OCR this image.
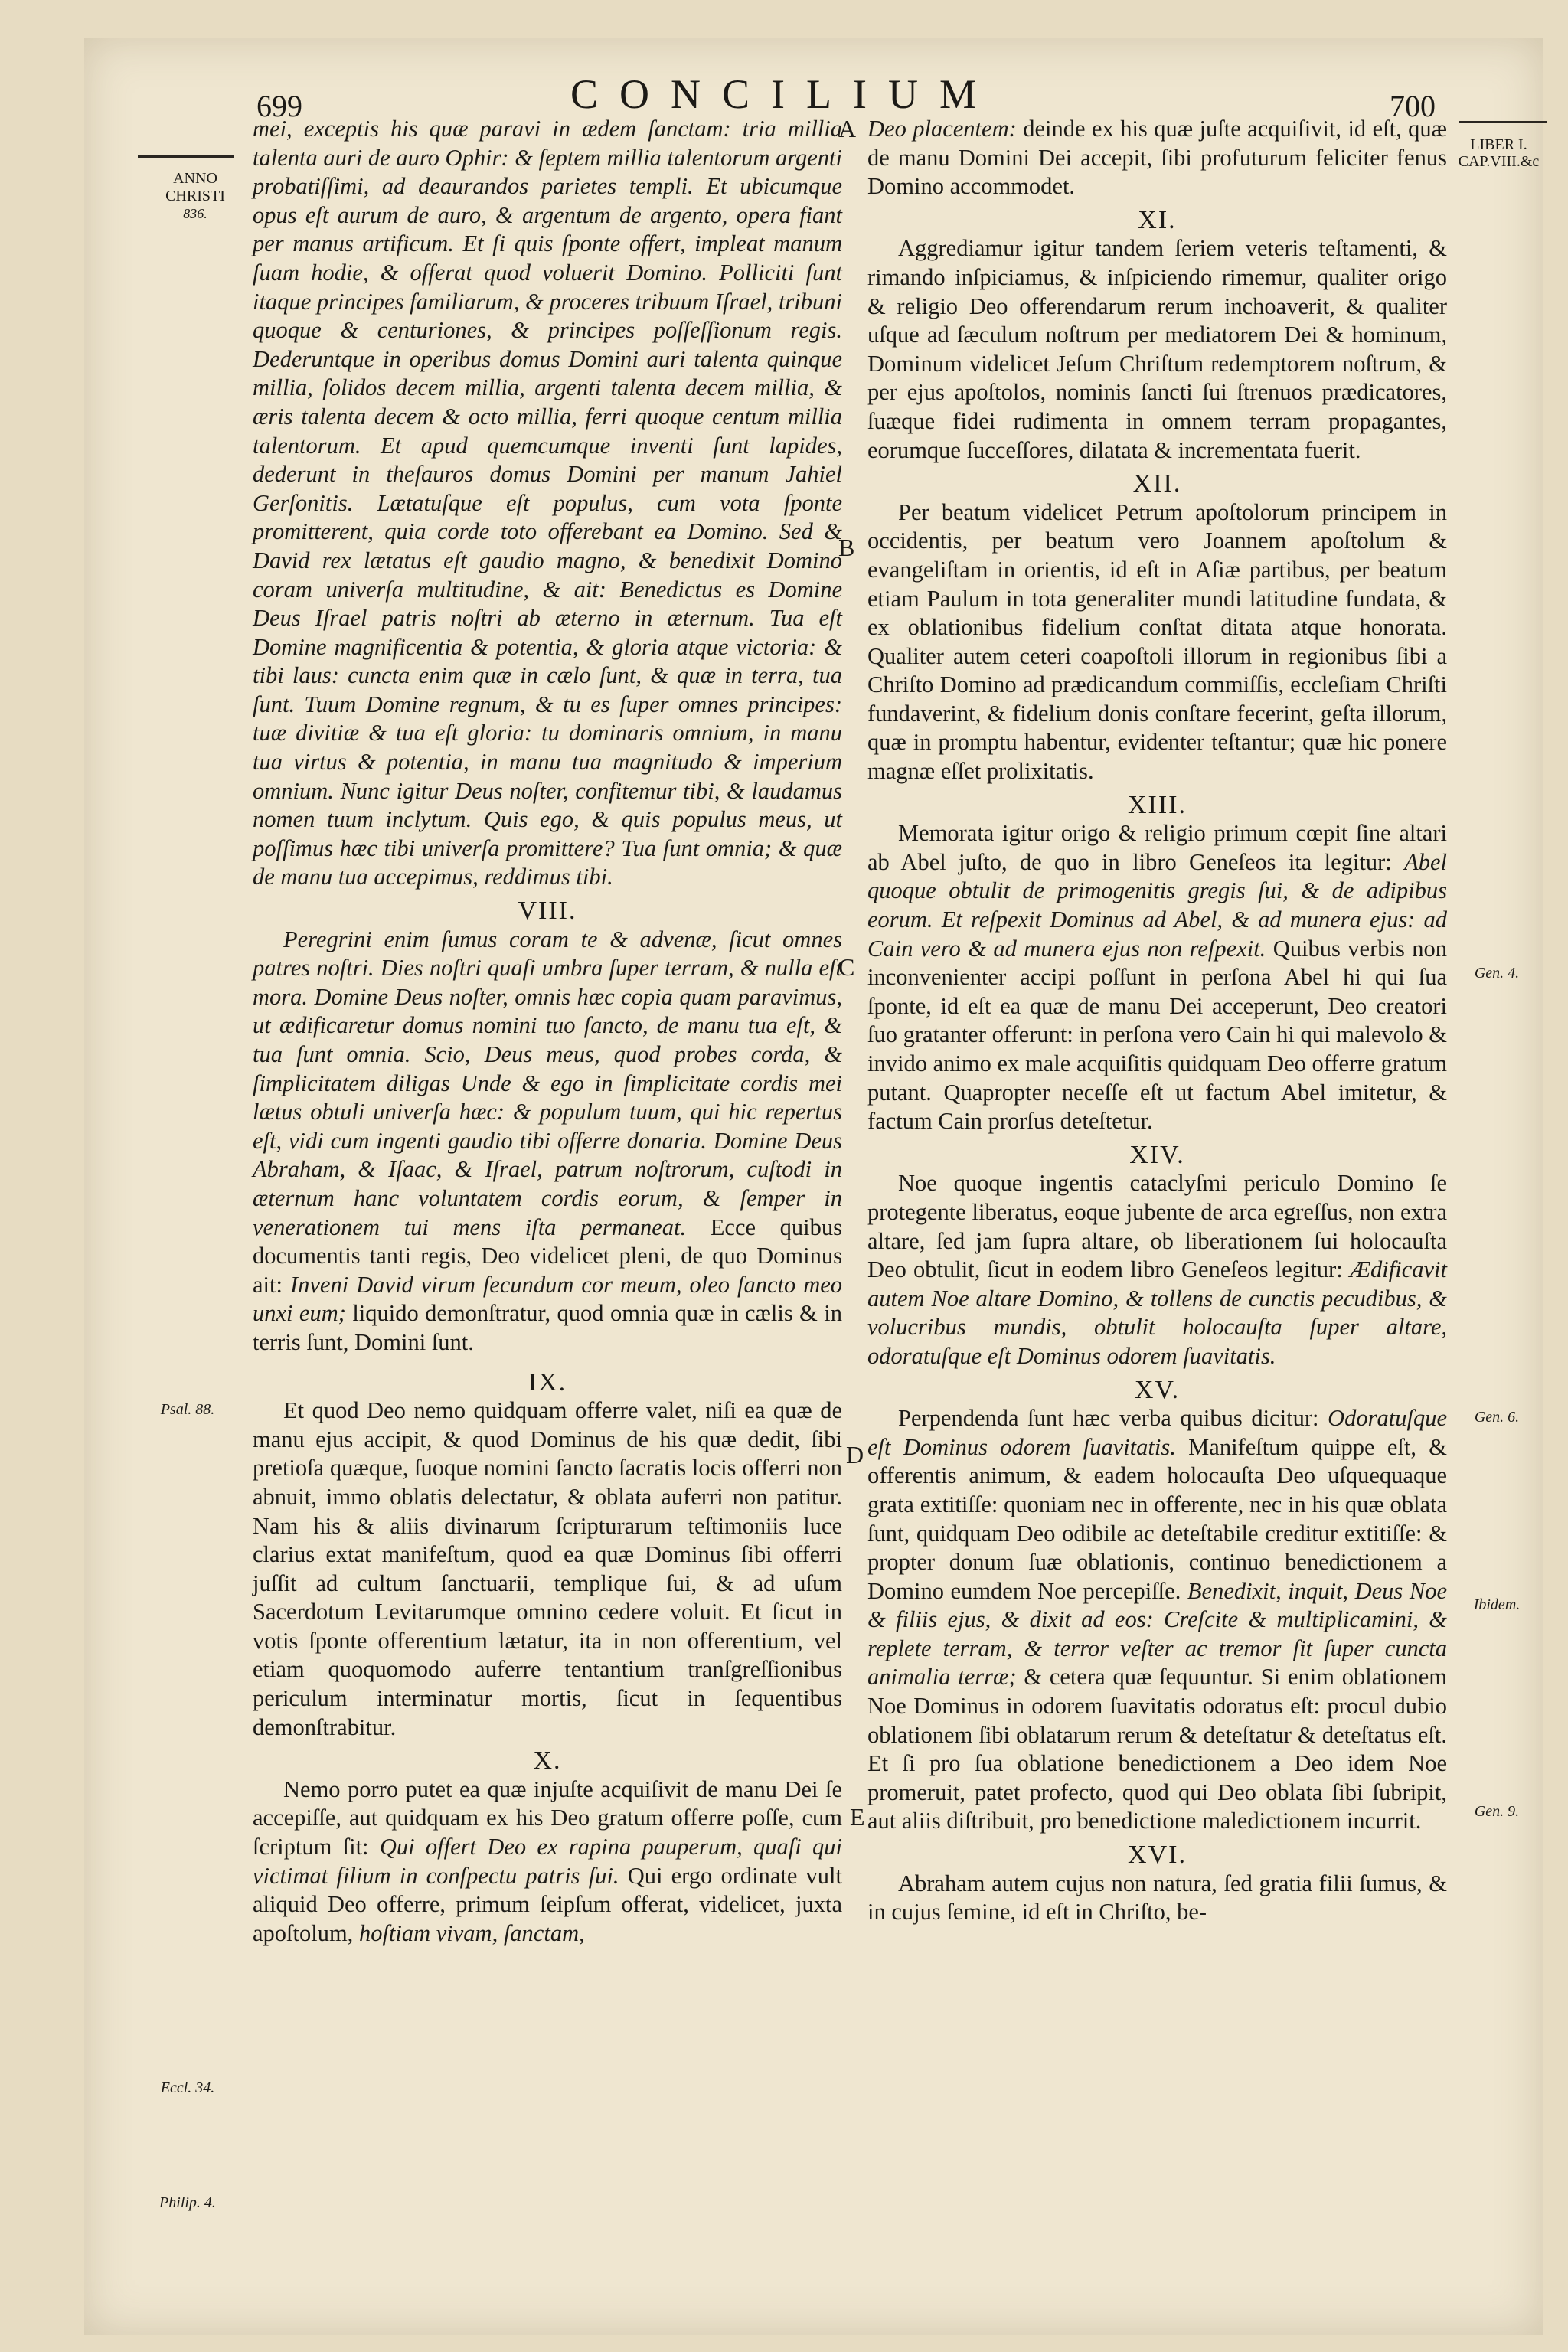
699	CONCILIUM	700
ANNO
CHRISTI
836.
Psal. 88.
Eccl. 34.
Philip. 4.
LIBER I.
CAP.VIII.&c
Gen. 4.
Gen. 6.
Ibidem.
Gen. 9.
A
B
C
D
E

mei, exceptis his quæ paravi in ædem ſanctam: tria millia talenta auri de auro Ophir: & ſeptem millia talentorum argenti probatiſſimi, ad deaurandos parietes templi. Et ubicumque opus eſt aurum de auro, & argentum de argento, opera fiant per manus artificum. Et ſi quis ſponte offert, impleat manum ſuam hodie, & offerat quod voluerit Domino. Polliciti ſunt itaque principes familiarum, & proceres tribuum Iſrael, tribuni quoque & centuriones, & principes poſſeſſionum regis. Dederuntque in operibus domus Domini auri talenta quinque millia, ſolidos decem millia, argenti talenta decem millia, & æris talenta decem & octo millia, ferri quoque centum millia talentorum. Et apud quemcumque inventi ſunt lapides, dederunt in theſauros domus Domini per manum Jahiel Gerſonitis. Lætatuſque eſt populus, cum vota ſponte promitterent, quia corde toto offerebant ea Domino. Sed & David rex lætatus eſt gaudio magno, & benedixit Domino coram univerſa multitudine, & ait: Benedictus es Domine Deus Iſrael patris noſtri ab æterno in æternum. Tua eſt Domine magnificentia & potentia, & gloria atque victoria: & tibi laus: cuncta enim quæ in cælo ſunt, & quæ in terra, tua ſunt. Tuum Domine regnum, & tu es ſuper omnes principes: tuæ divitiæ & tua eſt gloria: tu dominaris omnium, in manu tua virtus & potentia, in manu tua magnitudo & imperium omnium. Nunc igitur Deus noſter, confitemur tibi, & laudamus nomen tuum inclytum. Quis ego, & quis populus meus, ut poſſimus hæc tibi univerſa promittere? Tua ſunt omnia; & quæ de manu tua accepimus, reddimus tibi.

VIII.

Peregrini enim ſumus coram te & advenæ, ſicut omnes patres noſtri. Dies noſtri quaſi umbra ſuper terram, & nulla eſt mora. Domine Deus noſter, omnis hæc copia quam paravimus, ut ædificaretur domus nomini tuo ſancto, de manu tua eſt, & tua ſunt omnia. Scio, Deus meus, quod probes corda, & ſimplicitatem diligas Unde & ego in ſimplicitate cordis mei lætus obtuli univerſa hæc: & populum tuum, qui hic repertus eſt, vidi cum ingenti gaudio tibi offerre donaria. Domine Deus Abraham, & Iſaac, & Iſrael, patrum noſtrorum, cuſtodi in æternum hanc voluntatem cordis eorum, & ſemper in venerationem tui mens iſta permaneat. Ecce quibus documentis tanti regis, Deo videlicet pleni, de quo Dominus ait: Inveni David virum ſecundum cor meum, oleo ſancto meo unxi eum; liquido demonſtratur, quod omnia quæ in cælis & in terris ſunt, Domini ſunt.

IX.

Et quod Deo nemo quidquam offerre valet, niſi ea quæ de manu ejus accipit, & quod Dominus de his quæ dedit, ſibi pretioſa quæque, ſuoque nomini ſancto ſacratis locis offerri non abnuit, immo oblatis delectatur, & oblata auferri non patitur. Nam his & aliis divinarum ſcripturarum teſtimoniis luce clarius extat manifeſtum, quod ea quæ Dominus ſibi offerri juſſit ad cultum ſanctuarii, templique ſui, & ad uſum Sacerdotum Levitarumque omnino cedere voluit. Et ſicut in votis ſponte offerentium lætatur, ita in non offerentium, vel etiam quoquomodo auferre tentantium tranſgreſſionibus periculum interminatur mortis, ſicut in ſequentibus demonſtrabitur.

X.

Nemo porro putet ea quæ injuſte acquiſivit de manu Dei ſe accepiſſe, aut quidquam ex his Deo gratum offerre poſſe, cum ſcriptum ſit: Qui offert Deo ex rapina pauperum, quaſi qui victimat filium in conſpectu patris ſui. Qui ergo ordinate vult aliquid Deo offerre, primum ſeipſum offerat, videlicet, juxta apoſtolum, hoſtiam vivam, ſanctam,

Deo placentem: deinde ex his quæ juſte acquiſivit, id eſt, quæ de manu Domini Dei accepit, ſibi profuturum feliciter fenus Domino accommodet.

XI.

Aggrediamur igitur tandem ſeriem veteris teſtamenti, & rimando inſpiciamus, & inſpiciendo rimemur, qualiter origo & religio Deo offerendarum rerum inchoaverit, & qualiter uſque ad ſæculum noſtrum per mediatorem Dei & hominum, Dominum videlicet Jeſum Chriſtum redemptorem noſtrum, & per ejus apoſtolos, nominis ſancti ſui ſtrenuos prædicatores, ſuæque fidei rudimenta in omnem terram propagantes, eorumque ſucceſſores, dilatata & incrementata fuerit.

XII.

Per beatum videlicet Petrum apoſtolorum principem in occidentis, per beatum vero Joannem apoſtolum & evangeliſtam in orientis, id eſt in Aſiæ partibus, per beatum etiam Paulum in tota generaliter mundi latitudine fundata, & ex oblationibus fidelium conſtat ditata atque honorata. Qualiter autem ceteri coapoſtoli illorum in regionibus ſibi a Chriſto Domino ad prædicandum commiſſis, eccleſiam Chriſti fundaverint, & fidelium donis conſtare fecerint, geſta illorum, quæ in promptu habentur, evidenter teſtantur; quæ hic ponere magnæ eſſet prolixitatis.

XIII.

Memorata igitur origo & religio primum cœpit ſine altari ab Abel juſto, de quo in libro Geneſeos ita legitur: Abel quoque obtulit de primogenitis gregis ſui, & de adipibus eorum. Et reſpexit Dominus ad Abel, & ad munera ejus: ad Cain vero & ad munera ejus non reſpexit. Quibus verbis non inconvenienter accipi poſſunt in perſona Abel hi qui ſua ſponte, id eſt ea quæ de manu Dei acceperunt, Deo creatori ſuo gratanter offerunt: in perſona vero Cain hi qui malevolo & invido animo ex male acquiſitis quidquam Deo offerre gratum putant. Quapropter neceſſe eſt ut factum Abel imitetur, & factum Cain prorſus deteſtetur.

XIV.

Noe quoque ingentis cataclyſmi periculo Domino ſe protegente liberatus, eoque jubente de arca egreſſus, non extra altare, ſed jam ſupra altare, ob liberationem ſui holocauſta Deo obtulit, ſicut in eodem libro Geneſeos legitur: Ædificavit autem Noe altare Domino, & tollens de cunctis pecudibus, & volucribus mundis, obtulit holocauſta ſuper altare, odoratuſque eſt Dominus odorem ſuavitatis.

XV.

Perpendenda ſunt hæc verba quibus dicitur: Odoratuſque eſt Dominus odorem ſuavitatis. Manifeſtum quippe eſt, & offerentis animum, & eadem holocauſta Deo uſquequaque grata extitiſſe: quoniam nec in offerente, nec in his quæ oblata ſunt, quidquam Deo odibile ac deteſtabile creditur extitiſſe: & propter donum ſuæ oblationis, continuo benedictionem a Domino eumdem Noe percepiſſe. Benedixit, inquit, Deus Noe & filiis ejus, & dixit ad eos: Creſcite & multiplicamini, & replete terram, & terror veſter ac tremor ſit ſuper cuncta animalia terræ; & cetera quæ ſequuntur. Si enim oblationem Noe Dominus in odorem ſuavitatis odoratus eſt: procul dubio oblationem ſibi oblatarum rerum & deteſtatur & deteſtatus eſt. Et ſi pro ſua oblatione benedictionem a Deo idem Noe promeruit, patet profecto, quod qui Deo oblata ſibi ſubripit, aut aliis diſtribuit, pro benedictione maledictionem incurrit.

XVI.

Abraham autem cujus non natura, ſed gratia filii ſumus, & in cujus ſemine, id eſt in Chriſto, be-
